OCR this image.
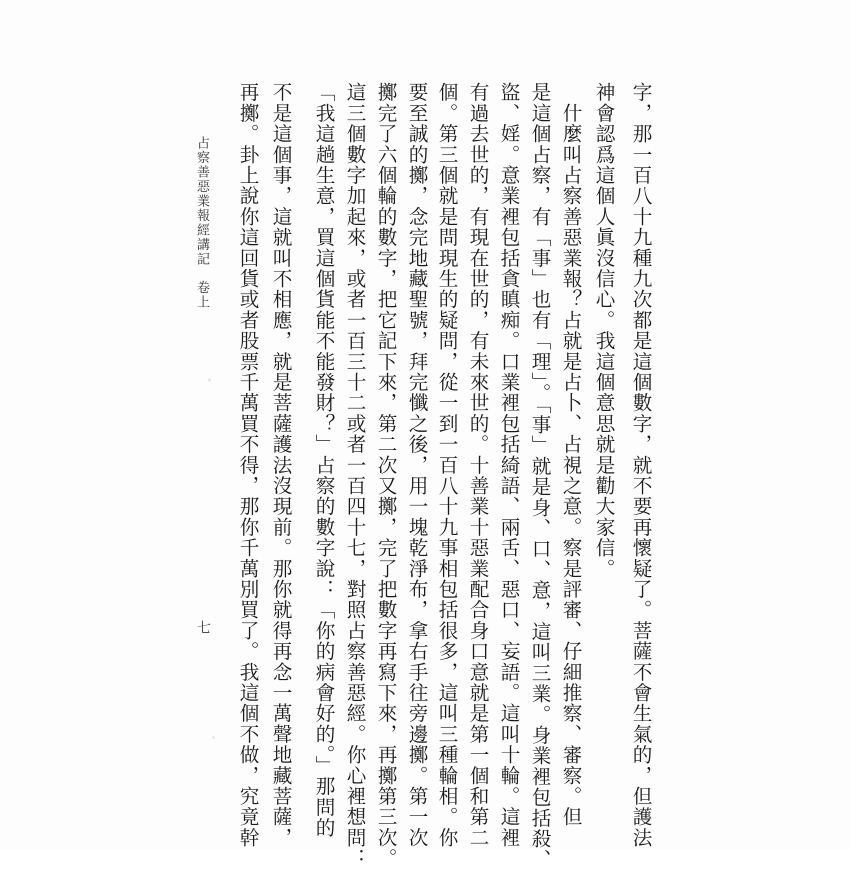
字，那一百八十九種九次都是這個數字，就不要再懷疑了。菩薩不會生氣的，但護法
神會認爲這個人眞沒信心。我這個意思就是勸大家信。
　什麼叫占察善惡業報？占就是占卜、占視之意。察是評審、仔細推察、審察。但
是這個占察，有「事」也有「理」。「事」就是身、口、意，這叫三業。身業裡包括殺、
盜、婬。意業裡包括貪瞋痴。口業裡包括綺語、兩舌、惡口、妄語。這叫十輪。這裡
有過去世的，有現在世的，有未來世的。十善業十惡業配合身口意就是第一個和第二
個。第三個就是問現生的疑問，從一到一百八十九事相包括很多，這叫三種輪相。你
要至誠的擲，念完地藏聖號，拜完懺之後，用一塊乾淨布，拿右手往旁邊擲。第一次
擲完了六個輪的數字，把它記下來，第二次又擲，完了把數字再寫下來，再擲第三次。
這三個數字加起來，或者一百三十二或者一百四十七，對照占察善惡經。你心裡想問：
「我這趟生意，買這個貨能不能發財？」占察的數字說：「你的病會好的。」那問的
不是這個事，這就叫不相應，就是菩薩護法沒現前。那你就得再念一萬聲地藏菩薩，
再擲。卦上說你這回貨或者股票千萬買不得，那你千萬別買了。我這個不做，究竟幹
占察善惡業報經講記卷上
七
